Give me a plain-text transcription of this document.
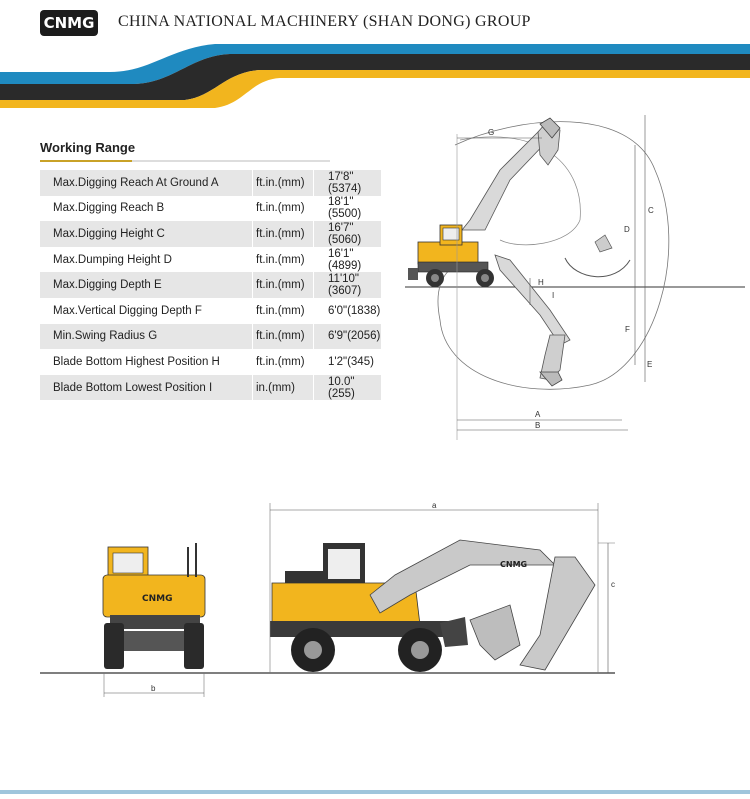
CNMG CHINA NATIONAL MACHINERY (SHAN DONG) GROUP
Working Range
Max.Digging Reach At Ground A	ft.in.(mm)	17'8"(5374)
Max.Digging Reach B	ft.in.(mm)	18'1"(5500)
Max.Digging Height C	ft.in.(mm)	16'7"(5060)
Max.Dumping Height D	ft.in.(mm)	16'1"(4899)
Max.Digging Depth E	ft.in.(mm)	11'10"(3607)
Max.Vertical Digging Depth F	ft.in.(mm)	6'0"(1838)
Min.Swing Radius G	ft.in.(mm)	6'9"(2056)
Blade Bottom Highest Position H	ft.in.(mm)	1'2"(345)
Blade Bottom Lowest Position I	in.(mm)	10.0"(255)
G
C
D
H
I
F
E
A
B
CNMG
b
CNMG
a
c
